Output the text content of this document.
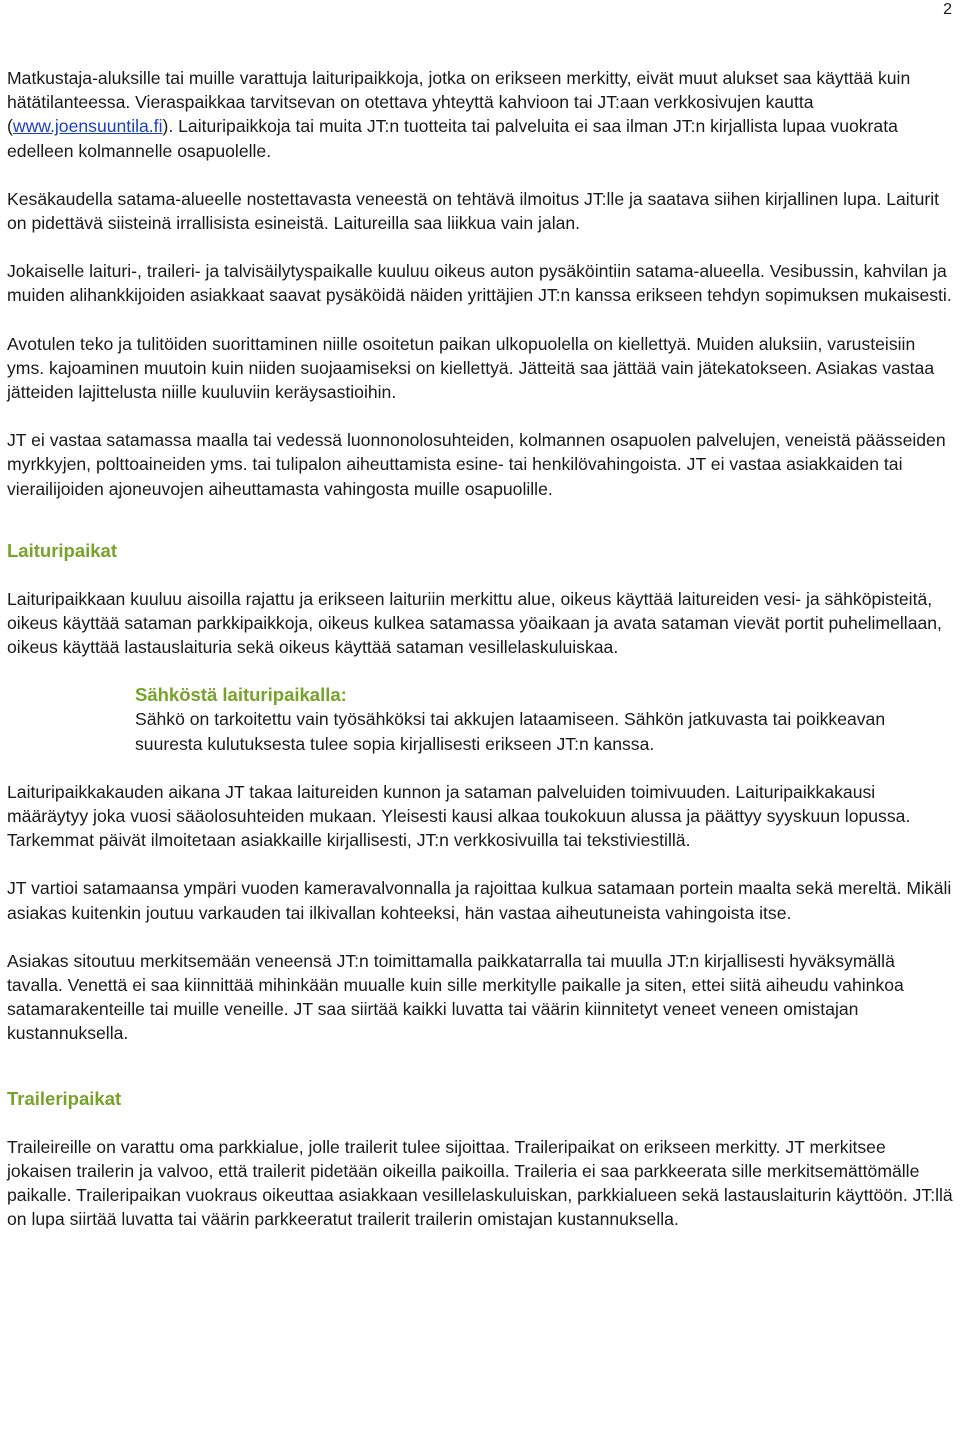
2

Matkustaja-aluksille tai muille varattuja laituripaikkoja, jotka on erikseen merkitty, eivät muut alukset saa käyttää kuin hätätilanteessa. Vieraspaikkaa tarvitsevan on otettava yhteyttä kahvioon tai JT:aan verkkosivujen kautta (www.joensuuntila.fi). Laituripaikkoja tai muita JT:n tuotteita tai palveluita ei saa ilman JT:n kirjallista lupaa vuokrata edelleen kolmannelle osapuolelle.

Kesäkaudella satama-alueelle nostettavasta veneestä on tehtävä ilmoitus JT:lle ja saatava siihen kirjallinen lupa. Laiturit on pidettävä siisteinä irrallisista esineistä. Laitureilla saa liikkua vain jalan.

Jokaiselle laituri-, traileri- ja talvisäilytyspaikalle kuuluu oikeus auton pysäköintiin satama-alueella. Vesibussin, kahvilan ja muiden alihankkijoiden asiakkaat saavat pysäköidä näiden yrittäjien JT:n kanssa erikseen tehdyn sopimuksen mukaisesti.

Avotulen teko ja tulitöiden suorittaminen niille osoitetun paikan ulkopuolella on kiellettyä. Muiden aluksiin, varusteisiin yms. kajoaminen muutoin kuin niiden suojaamiseksi on kiellettyä. Jätteitä saa jättää vain jätekatokseen. Asiakas vastaa jätteiden lajittelusta niille kuuluviin keräysastioihin.

JT ei vastaa satamassa maalla tai vedessä luonnonolosuhteiden, kolmannen osapuolen palvelujen, veneistä päässeiden myrkkyjen, polttoaineiden yms. tai tulipalon aiheuttamista esine- tai henkilövahingoista. JT ei vastaa asiakkaiden tai vierailijoiden ajoneuvojen aiheuttamasta vahingosta muille osapuolille.

Laituripaikat

Laituripaikkaan kuuluu aisoilla rajattu ja erikseen laituriin merkittu alue, oikeus käyttää laitureiden vesi- ja sähköpisteitä, oikeus käyttää sataman parkkipaikkoja, oikeus kulkea satamassa yöaikaan ja avata sataman vievät portit puhelimellaan, oikeus käyttää lastauslaituria sekä oikeus käyttää sataman vesillelaskuluiskaa.

Sähköstä laituripaikalla:

Sähkö on tarkoitettu vain työsähköksi tai akkujen lataamiseen. Sähkön jatkuvasta tai poikkeavan suuresta kulutuksesta tulee sopia kirjallisesti erikseen JT:n kanssa.

Laituripaikkakauden aikana JT takaa laitureiden kunnon ja sataman palveluiden toimivuuden. Laituripaikkakausi määräytyy joka vuosi sääolosuhteiden mukaan. Yleisesti kausi alkaa toukokuun alussa ja päättyy syyskuun lopussa. Tarkemmat päivät ilmoitetaan asiakkaille kirjallisesti, JT:n verkkosivuilla tai tekstiviestillä.

JT vartioi satamaansa ympäri vuoden kameravalvonnalla ja rajoittaa kulkua satamaan portein maalta sekä mereltä. Mikäli asiakas kuitenkin joutuu varkauden tai ilkivallan kohteeksi, hän vastaa aiheutuneista vahingoista itse.

Asiakas sitoutuu merkitsemään veneensä JT:n toimittamalla paikkatarralla tai muulla JT:n kirjallisesti hyväksymällä tavalla. Venettä ei saa kiinnittää mihinkään muualle kuin sille merkitylle paikalle ja siten, ettei siitä aiheudu vahinkoa satamarakenteille tai muille veneille. JT saa siirtää kaikki luvatta tai väärin kiinnitetyt veneet veneen omistajan kustannuksella.

Traileripaikat

Traileireille on varattu oma parkkialue, jolle trailerit tulee sijoittaa. Traileripaikat on erikseen merkitty. JT merkitsee jokaisen trailerin ja valvoo, että trailerit pidetään oikeilla paikoilla. Traileria ei saa parkkeerata sille merkitsemättömälle paikalle. Traileripaikan vuokraus oikeuttaa asiakkaan vesillelaskuluiskan, parkkialueen sekä lastauslaiturin käyttöön. JT:llä on lupa siirtää luvatta tai väärin parkkeeratut trailerit trailerin omistajan kustannuksella.
